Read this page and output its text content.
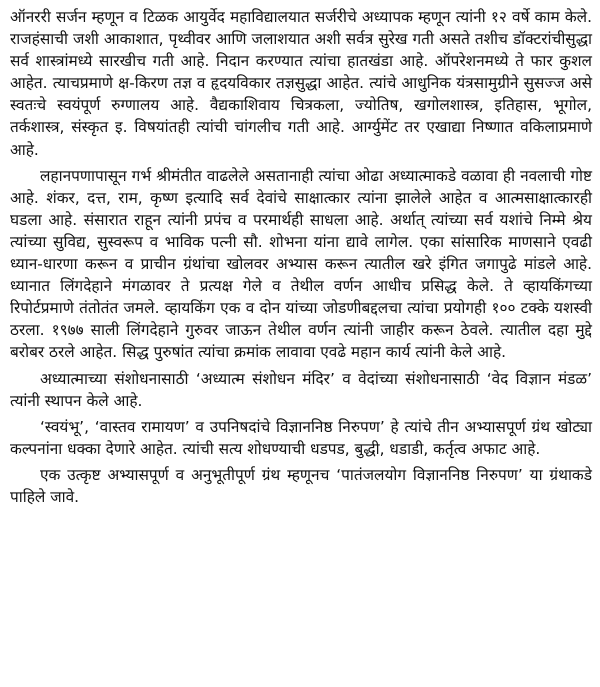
ऑनररी सर्जन म्हणून व टिळक आयुर्वेद महाविद्यालयात सर्जरीचे अध्यापक म्हणून त्यांनी १२ वर्षे काम केले. राजहंसाची जशी आकाशात, पृथ्वीवर आणि जलाशयात अशी सर्वत्र सुरेख गती असते तशीच डॉक्टरांचीसुद्धा सर्व शास्त्रांमध्ये सारखीच गती आहे. निदान करण्यात त्यांचा हातखंडा आहे. ऑपरेशनमध्ये ते फार कुशल आहेत. त्याचप्रमाणे क्ष-किरण तज्ञ व हृदयविकार तज्ञसुद्धा आहेत. त्यांचे आधुनिक यंत्रसामुग्रीने सुसज्ज असे स्वतःचे स्वयंपूर्ण रुग्णालय आहे. वैद्यकाशिवाय चित्रकला, ज्योतिष, खगोलशास्त्र, इतिहास, भूगोल, तर्कशास्त्र, संस्कृत इ. विषयांतही त्यांची चांगलीच गती आहे. आर्ग्युमेंट तर एखाद्या निष्णात वकिलाप्रमाणे आहे.

लहानपणापासून गर्भ श्रीमंतीत वाढलेले असतानाही त्यांचा ओढा अध्यात्माकडे वळावा ही नवलाची गोष्ट आहे. शंकर, दत्त, राम, कृष्ण इत्यादि सर्व देवांचे साक्षात्कार त्यांना झालेले आहेत व आत्मसाक्षात्कारही घडला आहे. संसारात राहून त्यांनी प्रपंच व परमार्थही साधला आहे. अर्थात् त्यांच्या सर्व यशांचे निम्मे श्रेय त्यांच्या सुविद्य, सुस्वरूप व भाविक पत्नी सौ. शोभना यांना द्यावे लागेल. एका सांसारिक माणसाने एवढी ध्यान-धारणा करून व प्राचीन ग्रंथांचा खोलवर अभ्यास करून त्यातील खरे इंगित जगापुढे मांडले आहे. ध्यानात लिंगदेहाने मंगळावर ते प्रत्यक्ष गेले व तेथील वर्णन आधीच प्रसिद्ध केले. ते व्हायकिंगच्या रिपोर्टप्रमाणे तंतोतंत जमले. व्हायकिंग एक व दोन यांच्या जोडणीबद्दलचा त्यांचा प्रयोगही १०० टक्के यशस्वी ठरला. १९७७ साली लिंगदेहाने गुरुवर जाऊन तेथील वर्णन त्यांनी जाहीर करून ठेवले. त्यातील दहा मुद्दे बरोबर ठरले आहेत. सिद्ध पुरुषांत त्यांचा क्रमांक लावावा एवढे महान कार्य त्यांनी केले आहे.

अध्यात्माच्या संशोधनासाठी ‘अध्यात्म संशोधन मंदिर’ व वेदांच्या संशोधनासाठी ‘वेद विज्ञान मंडळ’ त्यांनी स्थापन केले आहे.

‘स्वयंभू’, ‘वास्तव रामायण’ व उपनिषदांचे विज्ञाननिष्ठ निरुपण’ हे त्यांचे तीन अभ्यासपूर्ण ग्रंथ खोट्या कल्पनांना धक्का देणारे आहेत. त्यांची सत्य शोधण्याची धडपड, बुद्धी, धडाडी, कर्तृत्व अफाट आहे.

एक उत्कृष्ट अभ्यासपूर्ण व अनुभूतीपूर्ण ग्रंथ म्हणूनच ‘पातंजलयोग विज्ञाननिष्ठ निरुपण’ या ग्रंथाकडे पाहिले जावे.
